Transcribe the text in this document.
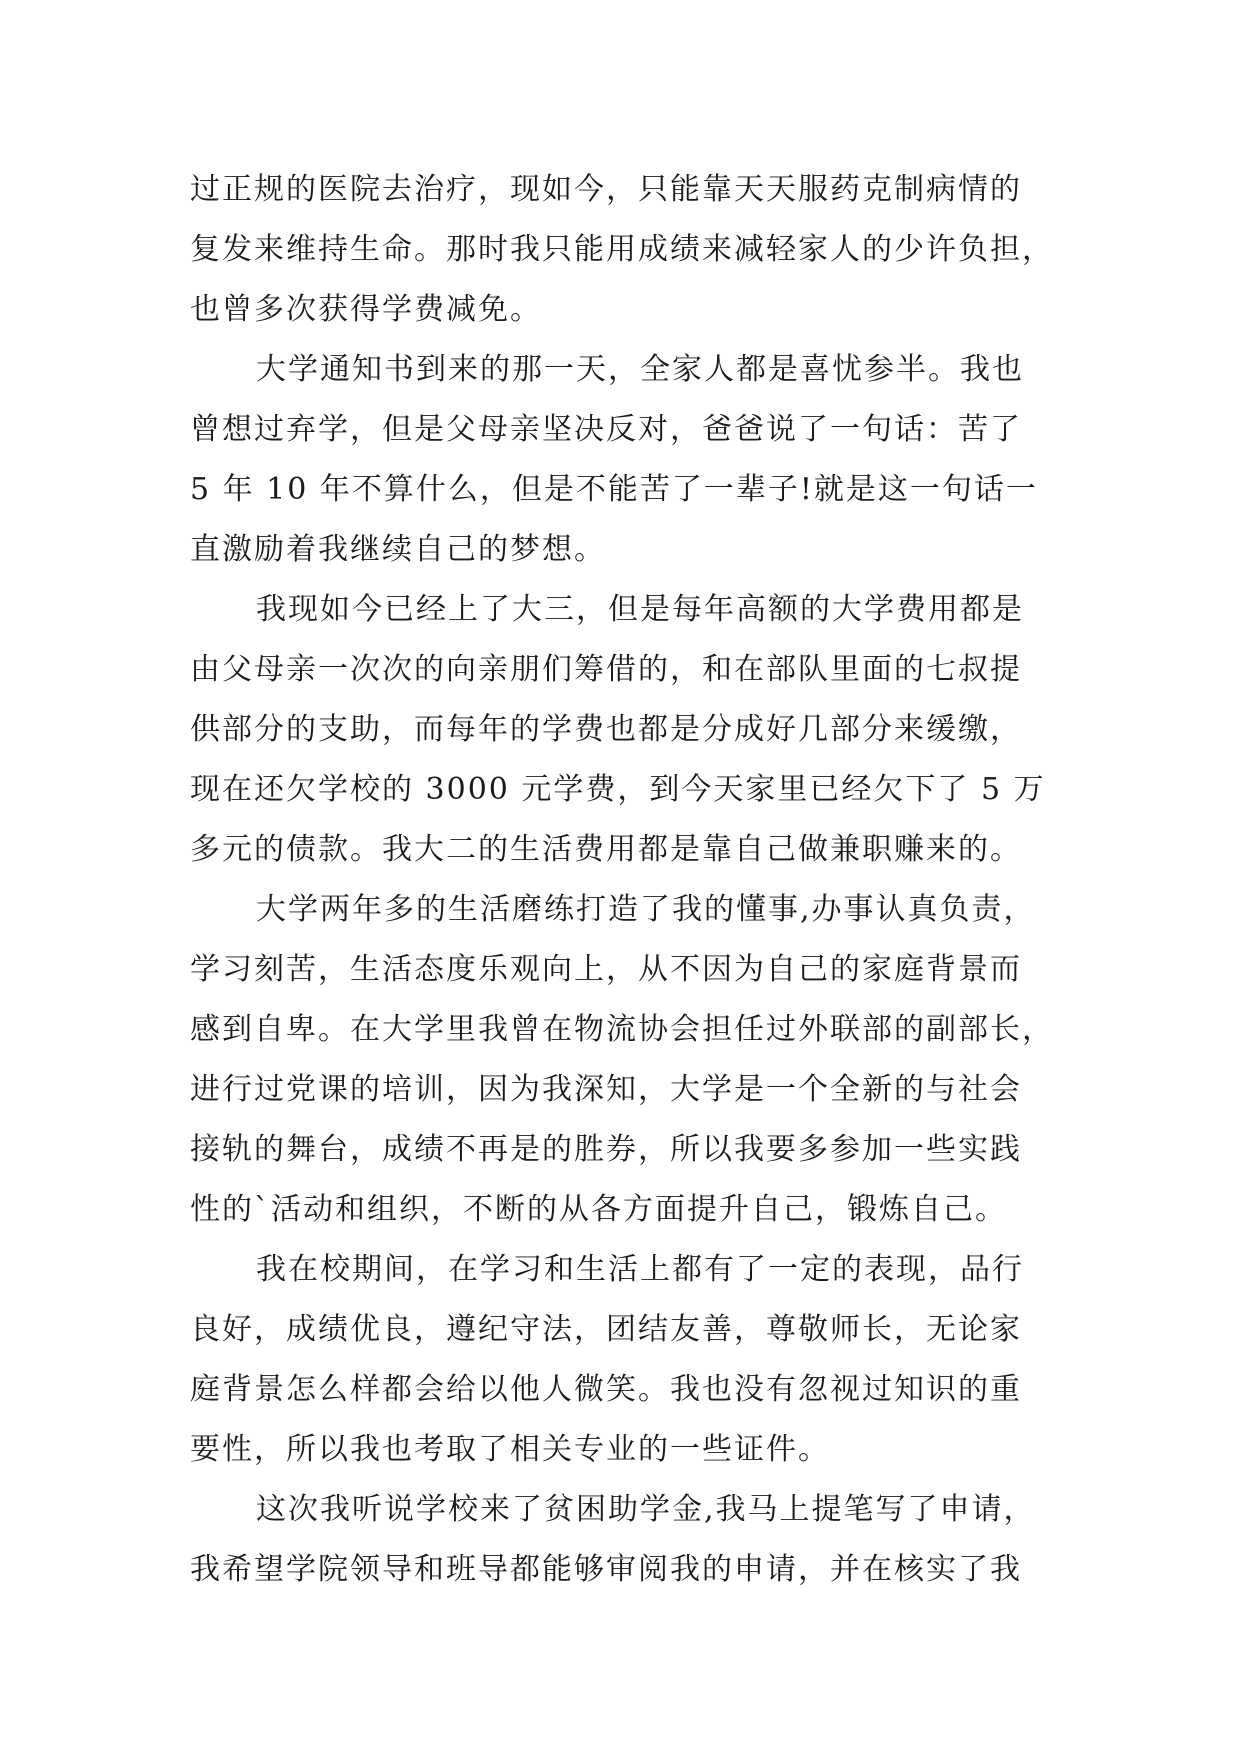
过正规的医院去治疗，现如今，只能靠天天服药克制病情的
复发来维持生命。那时我只能用成绩来减轻家人的少许负担，
也曾多次获得学费减免。
大学通知书到来的那一天，全家人都是喜忧参半。我也
曾想过弃学，但是父母亲坚决反对，爸爸说了一句话：苦了
5 年 10 年不算什么，但是不能苦了一辈子!就是这一句话一
直激励着我继续自己的梦想。
我现如今已经上了大三，但是每年高额的大学费用都是
由父母亲一次次的向亲朋们筹借的，和在部队里面的七叔提
供部分的支助，而每年的学费也都是分成好几部分来缓缴，
现在还欠学校的 3000 元学费，到今天家里已经欠下了 5 万
多元的债款。我大二的生活费用都是靠自己做兼职赚来的。
大学两年多的生活磨练打造了我的懂事,办事认真负责，
学习刻苦，生活态度乐观向上，从不因为自己的家庭背景而
感到自卑。在大学里我曾在物流协会担任过外联部的副部长，
进行过党课的培训，因为我深知，大学是一个全新的与社会
接轨的舞台，成绩不再是的胜券，所以我要多参加一些实践
性的`活动和组织，不断的从各方面提升自己，锻炼自己。
我在校期间，在学习和生活上都有了一定的表现，品行
良好，成绩优良，遵纪守法，团结友善，尊敬师长，无论家
庭背景怎么样都会给以他人微笑。我也没有忽视过知识的重
要性，所以我也考取了相关专业的一些证件。
这次我听说学校来了贫困助学金,我马上提笔写了申请，
我希望学院领导和班导都能够审阅我的申请，并在核实了我
